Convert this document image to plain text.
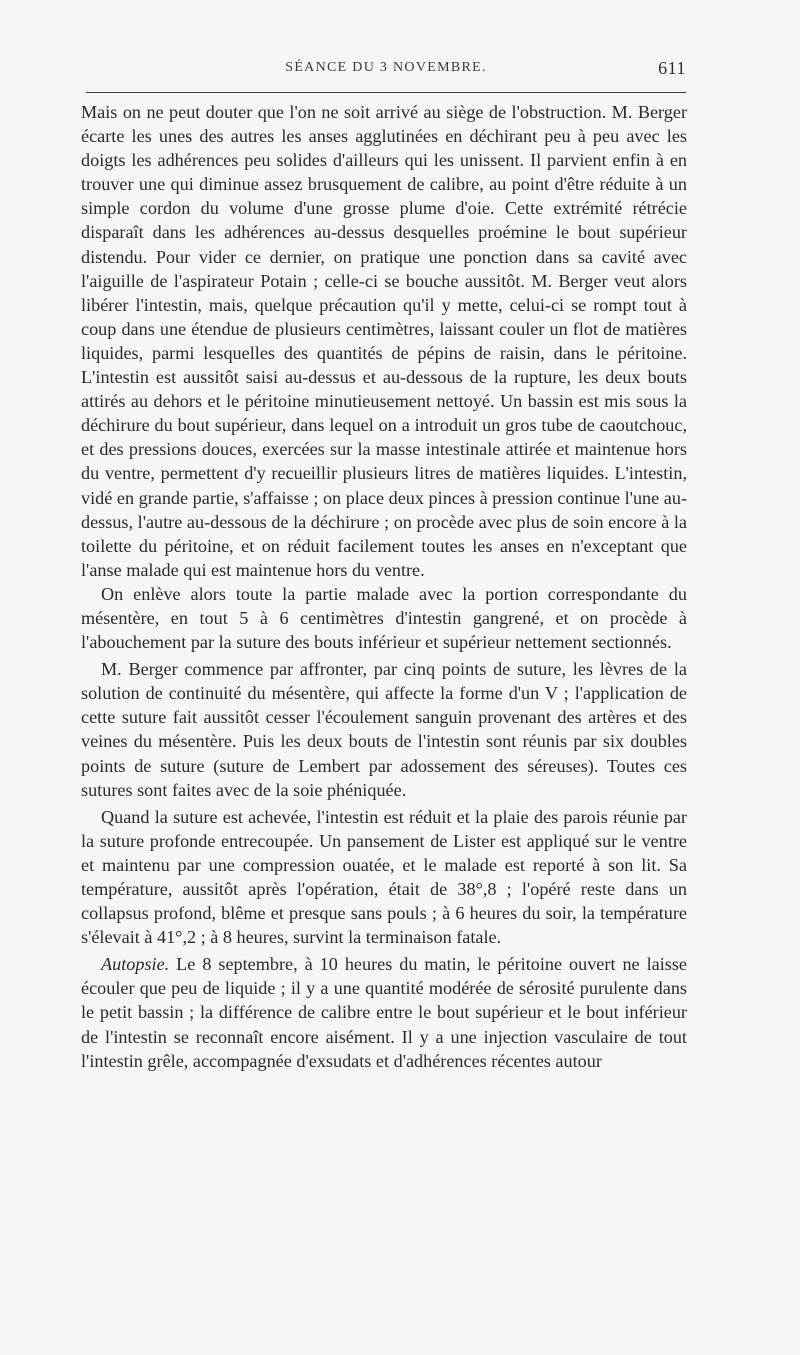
SÉANCE DU 3 NOVEMBRE.	611

Mais on ne peut douter que l'on ne soit arrivé au siège de l'obstruction. M. Berger écarte les unes des autres les anses agglutinées en déchirant peu à peu avec les doigts les adhérences peu solides d'ailleurs qui les unissent. Il parvient enfin à en trouver une qui diminue assez brusquement de calibre, au point d'être réduite à un simple cordon du volume d'une grosse plume d'oie. Cette extrémité rétrécie disparaît dans les adhérences au-dessus desquelles proémine le bout supérieur distendu. Pour vider ce dernier, on pratique une ponction dans sa cavité avec l'aiguille de l'aspirateur Potain ; celle-ci se bouche aussitôt. M. Berger veut alors libérer l'intestin, mais, quelque précaution qu'il y mette, celui-ci se rompt tout à coup dans une étendue de plusieurs centimètres, laissant couler un flot de matières liquides, parmi lesquelles des quantités de pépins de raisin, dans le péritoine. L'intestin est aussitôt saisi au-dessus et au-dessous de la rupture, les deux bouts attirés au dehors et le péritoine minutieusement nettoyé. Un bassin est mis sous la déchirure du bout supérieur, dans lequel on a introduit un gros tube de caoutchouc, et des pressions douces, exercées sur la masse intestinale attirée et maintenue hors du ventre, permettent d'y recueillir plusieurs litres de matières liquides. L'intestin, vidé en grande partie, s'affaisse ; on place deux pinces à pression continue l'une au-dessus, l'autre au-dessous de la déchirure ; on procède avec plus de soin encore à la toilette du péritoine, et on réduit facilement toutes les anses en n'exceptant que l'anse malade qui est maintenue hors du ventre.

On enlève alors toute la partie malade avec la portion correspondante du mésentère, en tout 5 à 6 centimètres d'intestin gangrené, et on procède à l'abouchement par la suture des bouts inférieur et supérieur nettement sectionnés.

M. Berger commence par affronter, par cinq points de suture, les lèvres de la solution de continuité du mésentère, qui affecte la forme d'un V ; l'application de cette suture fait aussitôt cesser l'écoulement sanguin provenant des artères et des veines du mésentère. Puis les deux bouts de l'intestin sont réunis par six doubles points de suture (suture de Lembert par adossement des séreuses). Toutes ces sutures sont faites avec de la soie phéniquée.

Quand la suture est achevée, l'intestin est réduit et la plaie des parois réunie par la suture profonde entrecoupée. Un pansement de Lister est appliqué sur le ventre et maintenu par une compression ouatée, et le malade est reporté à son lit. Sa température, aussitôt après l'opération, était de 38°,8 ; l'opéré reste dans un collapsus profond, blême et presque sans pouls ; à 6 heures du soir, la température s'élevait à 41°,2 ; à 8 heures, survint la terminaison fatale.

Autopsie. Le 8 septembre, à 10 heures du matin, le péritoine ouvert ne laisse écouler que peu de liquide ; il y a une quantité modérée de sérosité purulente dans le petit bassin ; la différence de calibre entre le bout supérieur et le bout inférieur de l'intestin se reconnaît encore aisément. Il y a une injection vasculaire de tout l'intestin grêle, accompagnée d'exsudats et d'adhérences récentes autour
